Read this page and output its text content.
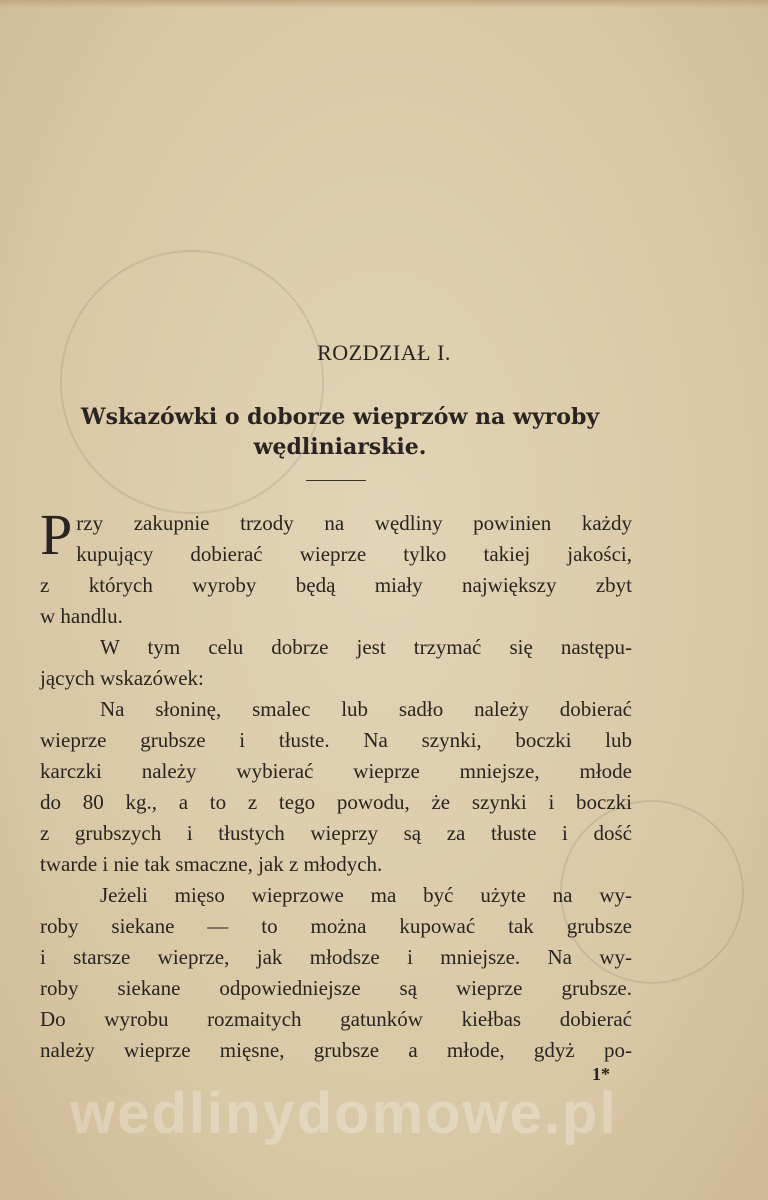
ROZDZIAŁ I.
Wskazówki o doborze wieprzów na wyroby
wędliniarskie.
P rzy zakupnie trzody na wędliny powinien każdy
kupujący dobierać wieprze tylko takiej jakości,
z których wyroby będą miały największy zbyt
w handlu.
W tym celu dobrze jest trzymać się następu-
jących wskazówek:
Na słoninę, smalec lub sadło należy dobierać
wieprze grubsze i tłuste. Na szynki, boczki lub
karczki należy wybierać wieprze mniejsze, młode
do 80 kg., a to z tego powodu, że szynki i boczki
z grubszych i tłustych wieprzy są za tłuste i dość
twarde i nie tak smaczne, jak z młodych.
Jeżeli mięso wieprzowe ma być użyte na wy-
roby siekane — to można kupować tak grubsze
i starsze wieprze, jak młodsze i mniejsze. Na wy-
roby siekane odpowiedniejsze są wieprze grubsze.
Do wyrobu rozmaitych gatunków kiełbas dobierać
należy wieprze mięsne, grubsze a młode, gdyż po-
1*
wedlinydomowe.pl
